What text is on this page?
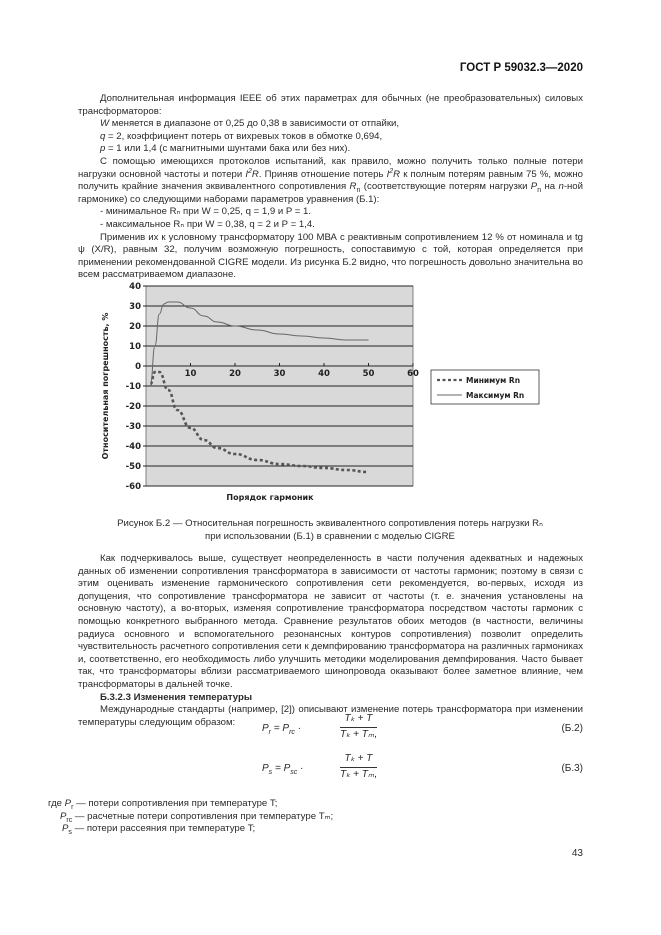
ГОСТ Р 59032.3—2020

Дополнительная информация IEEE об этих параметрах для обычных (не преобразовательных) силовых трансформаторов:

W меняется в диапазоне от 0,25 до 0,38 в зависимости от отпайки,

q = 2, коэффициент потерь от вихревых токов в обмотке 0,694,

p = 1 или 1,4 (с магнитными шунтами бака или без них).

С помощью имеющихся протоколов испытаний, как правило, можно получить только полные потери нагрузки основной частоты и потери $I^2R$. Приняв отношение потерь $I^2R$ к полным потерям равным 75 %, можно получить крайние значения эквивалентного сопротивления $R_n$ (соответствующие потерям нагрузки $P_n$ на n-ной гармонике) со следующими наборами параметров уравнения (Б.1):

- минимальное Rₙ при W = 0,25, q = 1,9 и P = 1.

- максимальное Rₙ при W = 0,38, q = 2 и P = 1,4.

Применив их к условному трансформатору 100 МВА с реактивным сопротивлением 12 % от номинала и tg ψ (X/R), равным 32, получим возможную погрешность, сопоставимую с той, которая определяется при применении рекомендованной CIGRE модели. Из рисунка Б.2 видно, что погрешность довольно значительна во всем рассматриваемом диапазоне.

40
30
20
10
0
-10
-20
-30
-40
-50
-60
10	20	30	40	50	60
Относительная погрешность, %
Порядок гармоник
Минимум Rn
Максимум Rn
Рисунок Б.2 — Относительная погрешность эквивалентного сопротивления потерь нагрузки Rₙ
при использовании (Б.1) в сравнении с моделью CIGRE

Как подчеркивалось выше, существует неопределенность в части получения адекватных и надежных данных об изменении сопротивления трансформатора в зависимости от частоты гармоник; поэтому в связи с этим оценивать изменение гармонического сопротивления сети рекомендуется, во-первых, исходя из допущения, что сопротивление трансформатора не зависит от частоты (т. е. значения установлены на основную частоту), а во-вторых, изменяя сопротивление трансформатора посредством частоты гармоник с помощью конкретного выбранного метода. Сравнение результатов обоих методов (в частности, величины радиуса основного и вспомогательного резонансных контуров сопротивления) позволит определить чувствительность расчетного сопротивления сети к демпфированию трансформатора на различных гармониках и, соответственно, его необходимость либо улучшить методики моделирования демпфирования. Часто бывает так, что трансформаторы вблизи рассматриваемого шинопровода оказывают более заметное влияние, чем трансформаторы в дальней точке.

Б.3.2.3 Изменения температуры

Международные стандарты (например, [2]) описывают изменение потерь трансформатора при изменении температуры следующим образом:

$P_r = P_{rc}$ ·	$\frac{\text{Tₖ + T}}{\text{Tₖ + Tₘ,}}$	(Б.2)
$P_s = P_{sc}$ ·	$\frac{\text{Tₖ + T}}{\text{Tₖ + Tₘ,}}$	(Б.3)
где $P_r$ — потери сопротивления при температуре T;
$P_{rc}$ — расчетные потери сопротивления при температуре Tₘ;
$P_s$ — потери рассеяния при температуре T;
43
